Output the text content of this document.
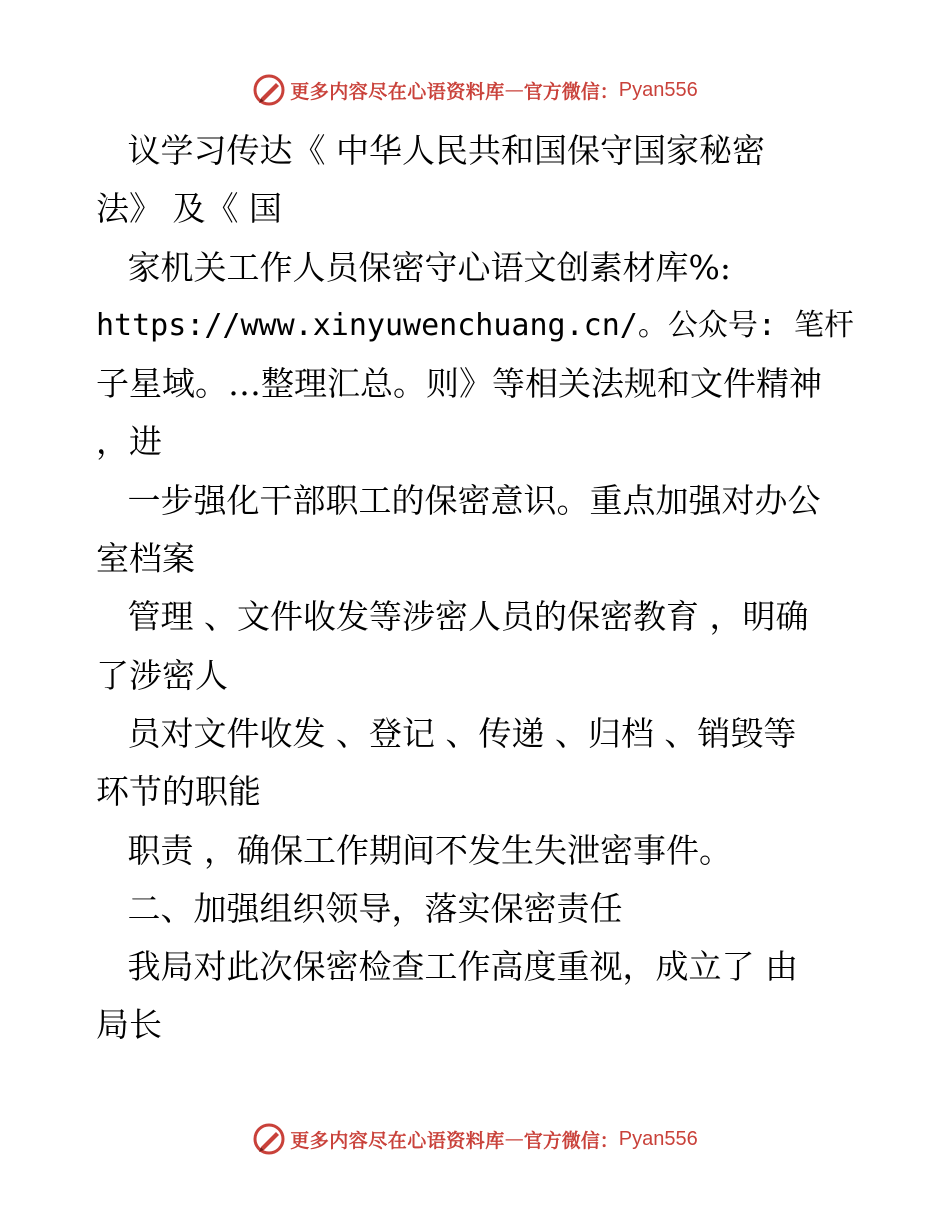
更多内容尽在心语资料库 — 官方微信： Pyan556
议学习传达《 中华人民共和国保守国家秘密
法》 及《 国
家机关工作人员保密守心语文创素材库%:
https://www.xinyuwenchuang.cn/。公众号: 笔杆
子星域。…整理汇总。则》等相关法规和文件精神
，进
一步强化干部职工的保密意识。重点加强对办公
室档案
管理 、文件收发等涉密人员的保密教育 ，明确
了涉密人
员对文件收发 、登记 、传递 、归档 、销毁等
环节的职能
职责 ，确保工作期间不发生失泄密事件。
二、加强组织领导，落实保密责任
我局对此次保密检查工作高度重视，成立了 由
局长
更多内容尽在心语资料库 — 官方微信： Pyan556
